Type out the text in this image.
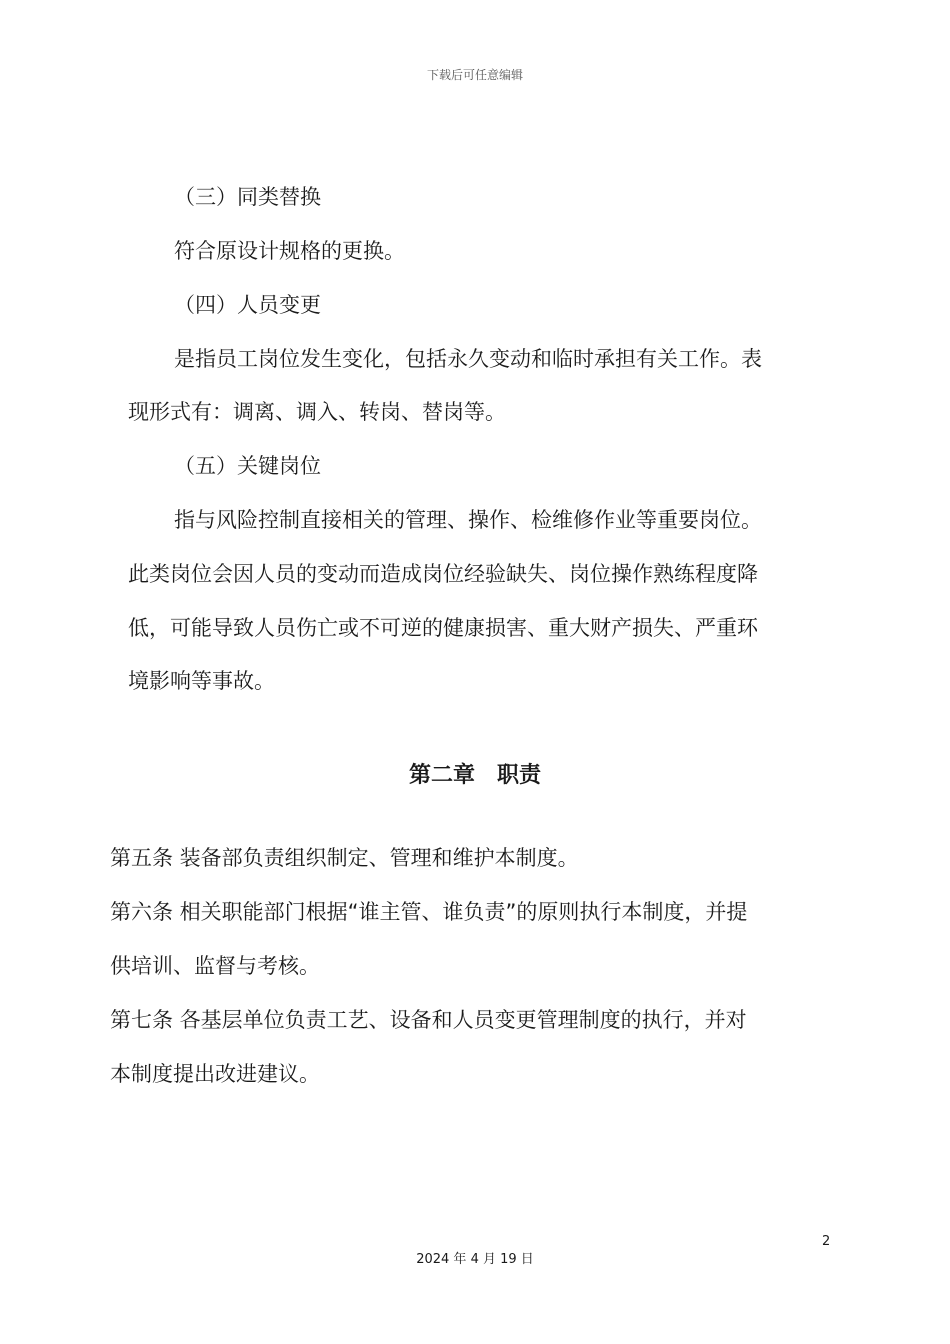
下载后可任意编辑
（三）同类替换
符合原设计规格的更换。
（四）人员变更
是指员工岗位发生变化，包括永久变动和临时承担有关工作。表
现形式有：调离、调入、转岗、替岗等。
（五）关键岗位
指与风险控制直接相关的管理、操作、检维修作业等重要岗位。
此类岗位会因人员的变动而造成岗位经验缺失、岗位操作熟练程度降
低，可能导致人员伤亡或不可逆的健康损害、重大财产损失、严重环
境影响等事故。
第二章　职责
第五条 装备部负责组织制定、管理和维护本制度。
第六条 相关职能部门根据“谁主管、谁负责”的原则执行本制度，并提
供培训、监督与考核。
第七条 各基层单位负责工艺、设备和人员变更管理制度的执行，并对
本制度提出改进建议。
2
2024 年 4 月 19 日
